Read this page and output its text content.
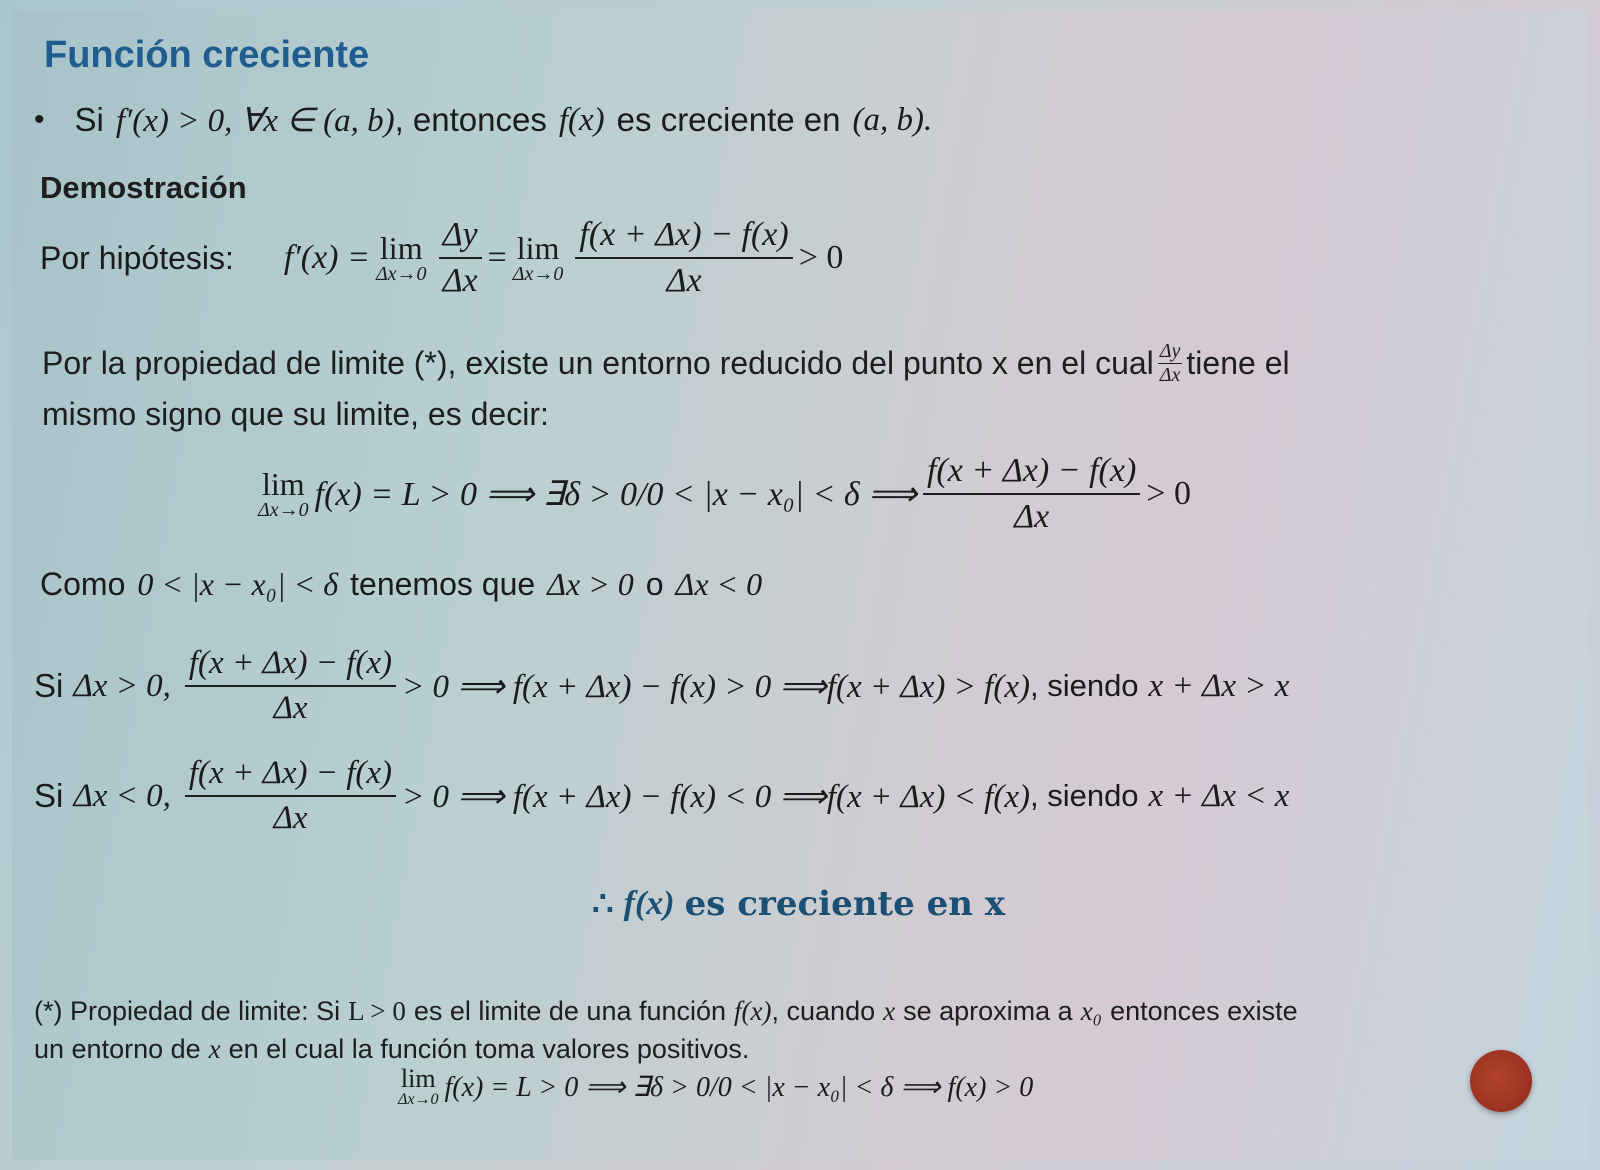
Función creciente
• Si f′(x) > 0, ∀x ∈ (a, b) , entonces f(x) es creciente en (a, b).
Demostración
Por hipótesis: f′(x) = lim
$\Delta x\to 0 \frac{\Delta y}{\Delta x} = \lim$
$\Delta x\to 0 \frac{f(x + \Delta x) - f(x)}{\Delta x} > 0$
Por la propiedad de limite (*), existe un entorno reducido del punto x en el cual $\frac{\Delta y}{\Delta x}$ tiene el
mismo signo que su limite, es decir:
lim
Δx→0 f(x) = L > 0 ⟹ ∃δ > 0/0 < |x − x₀| < δ ⟹ $\frac{f(x + \Delta x) - f(x)}{\Delta x} > 0$
Como 0 < |x − x₀| < δ tenemos que Δx > 0 o Δx < 0
Si Δx > 0, $\frac{f(x + \Delta x) - f(x)}{\Delta x} > 0$ ⟹ f(x + Δx) − f(x) > 0 ⟹f(x + Δx) > f(x) , siendo x + Δx > x
Si Δx < 0, $\frac{f(x + \Delta x) - f(x)}{\Delta x} > 0$ ⟹ f(x + Δx) − f(x) < 0 ⟹f(x + Δx) < f(x) , siendo x + Δx < x
∴ f(x) es creciente en x
(*) Propiedad de limite: Si L > 0 es el limite de una función f(x) , cuando x se aproxima a x₀ entonces existe
un entorno de x en el cual la función toma valores positivos.
lim
Δx→0 f(x) = L > 0 ⟹ ∃δ > 0/0 < |x − x₀| < δ ⟹ f(x) > 0
